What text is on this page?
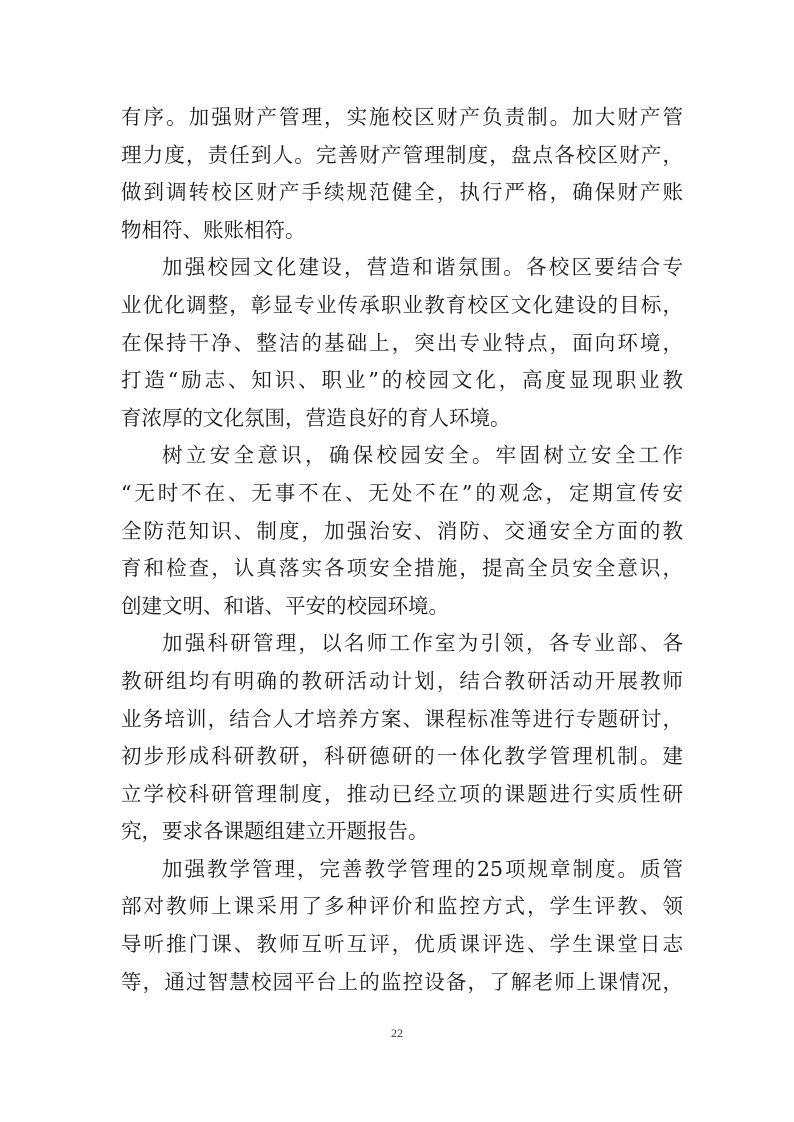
有序。加强财产管理，实施校区财产负责制。加大财产管
理力度，责任到人。完善财产管理制度，盘点各校区财产，
做到调转校区财产手续规范健全，执行严格，确保财产账
物相符、账账相符。
加强校园文化建设，营造和谐氛围。各校区要结合专
业优化调整，彰显专业传承职业教育校区文化建设的目标，
在保持干净、整洁的基础上，突出专业特点，面向环境，
打造“励志、知识、职业”的校园文化，高度显现职业教
育浓厚的文化氛围，营造良好的育人环境。
树立安全意识，确保校园安全。牢固树立安全工作
“无时不在、无事不在、无处不在”的观念，定期宣传安
全防范知识、制度，加强治安、消防、交通安全方面的教
育和检查，认真落实各项安全措施，提高全员安全意识，
创建文明、和谐、平安的校园环境。
加强科研管理，以名师工作室为引领，各专业部、各
教研组均有明确的教研活动计划，结合教研活动开展教师
业务培训，结合人才培养方案、课程标准等进行专题研讨，
初步形成科研教研，科研德研的一体化教学管理机制。建
立学校科研管理制度，推动已经立项的课题进行实质性研
究，要求各课题组建立开题报告。
加强教学管理，完善教学管理的25项规章制度。质管
部对教师上课采用了多种评价和监控方式，学生评教、领
导听推门课、教师互听互评，优质课评选、学生课堂日志
等，通过智慧校园平台上的监控设备，了解老师上课情况，
22
